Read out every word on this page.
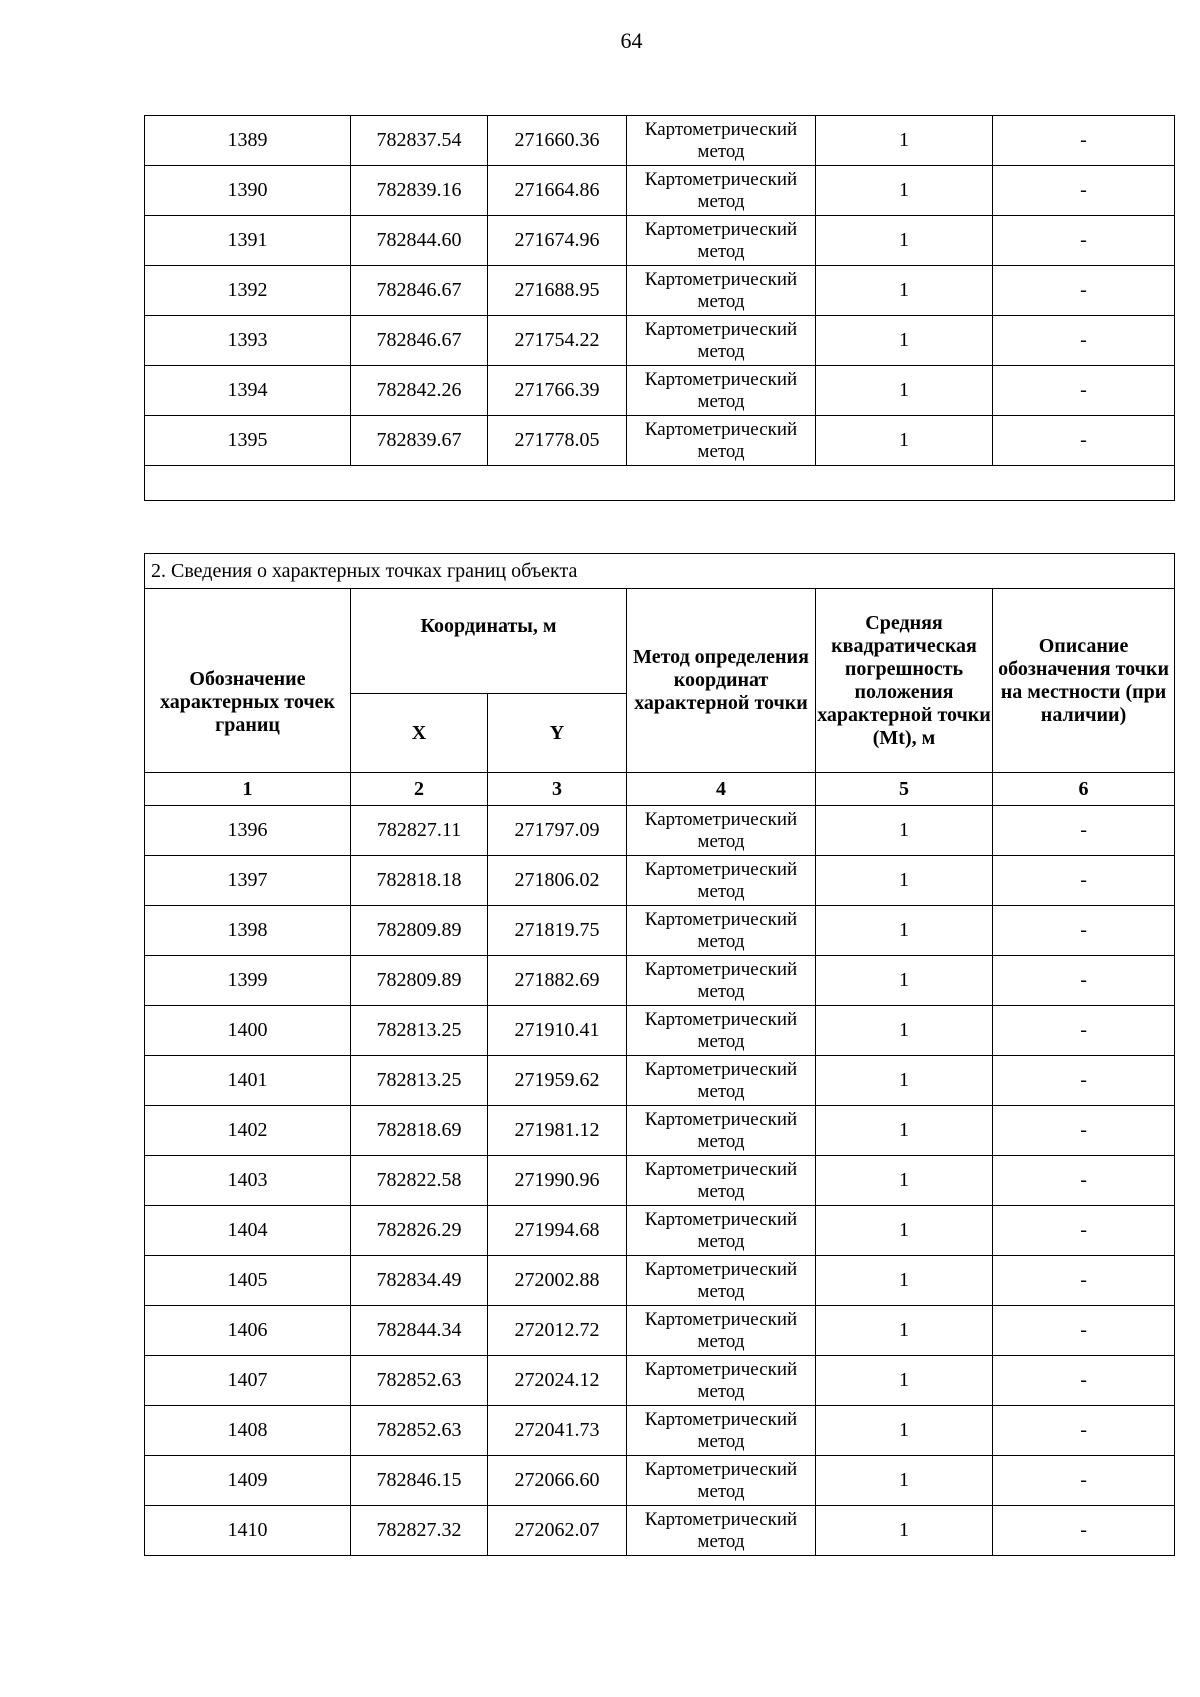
64
1389	782837.54	271660.36	Картометрический метод	1	-
1390	782839.16	271664.86	Картометрический метод	1	-
1391	782844.60	271674.96	Картометрический метод	1	-
1392	782846.67	271688.95	Картометрический метод	1	-
1393	782846.67	271754.22	Картометрический метод	1	-
1394	782842.26	271766.39	Картометрический метод	1	-
1395	782839.67	271778.05	Картометрический метод	1	-

2. Сведения о характерных точках границ объекта					
Обозначение характерных точек границ	Координаты, м		Метод определения координат характерной точки	Средняя квадратическая погрешность положения характерной точки (Mt), м	Описание обозначения точки на местности (при наличии)
	X	Y			
1	2	3	4	5	6
1396	782827.11	271797.09	Картометрический метод	1	-
1397	782818.18	271806.02	Картометрический метод	1	-
1398	782809.89	271819.75	Картометрический метод	1	-
1399	782809.89	271882.69	Картометрический метод	1	-
1400	782813.25	271910.41	Картометрический метод	1	-
1401	782813.25	271959.62	Картометрический метод	1	-
1402	782818.69	271981.12	Картометрический метод	1	-
1403	782822.58	271990.96	Картометрический метод	1	-
1404	782826.29	271994.68	Картометрический метод	1	-
1405	782834.49	272002.88	Картометрический метод	1	-
1406	782844.34	272012.72	Картометрический метод	1	-
1407	782852.63	272024.12	Картометрический метод	1	-
1408	782852.63	272041.73	Картометрический метод	1	-
1409	782846.15	272066.60	Картометрический метод	1	-
1410	782827.32	272062.07	Картометрический метод	1	-
